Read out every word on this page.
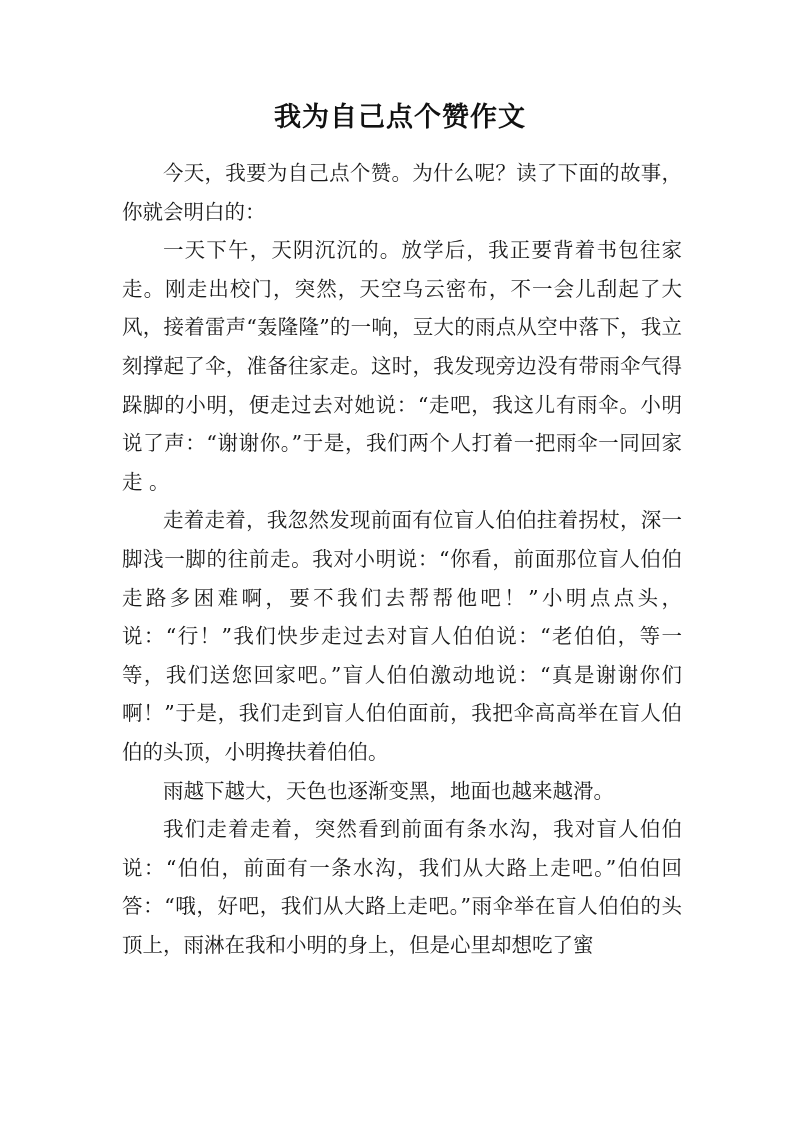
我为自己点个赞作文

今天，我要为自己点个赞。为什么呢？读了下面的故事，你就会明白的：

一天下午，天阴沉沉的。放学后，我正要背着书包往家走。刚走出校门，突然，天空乌云密布，不一会儿刮起了大风，接着雷声“轰隆隆”的一响，豆大的雨点从空中落下，我立刻撑起了伞，准备往家走。这时，我发现旁边没有带雨伞气得跺脚的小明，便走过去对她说：“走吧，我这儿有雨伞。小明说了声：“谢谢你。”于是，我们两个人打着一把雨伞一同回家走 。

走着走着，我忽然发现前面有位盲人伯伯拄着拐杖，深一脚浅一脚的往前走。我对小明说：“你看，前面那位盲人伯伯走路多困难啊，要不我们去帮帮他吧！”小明点点头，说：“行！”我们快步走过去对盲人伯伯说：“老伯伯，等一等，我们送您回家吧。”盲人伯伯激动地说：“真是谢谢你们啊！”于是，我们走到盲人伯伯面前，我把伞高高举在盲人伯伯的头顶，小明搀扶着伯伯。

雨越下越大，天色也逐渐变黑，地面也越来越滑。

我们走着走着，突然看到前面有条水沟，我对盲人伯伯说：“伯伯，前面有一条水沟，我们从大路上走吧。”伯伯回答：“哦，好吧，我们从大路上走吧。”雨伞举在盲人伯伯的头顶上，雨淋在我和小明的身上，但是心里却想吃了蜜
